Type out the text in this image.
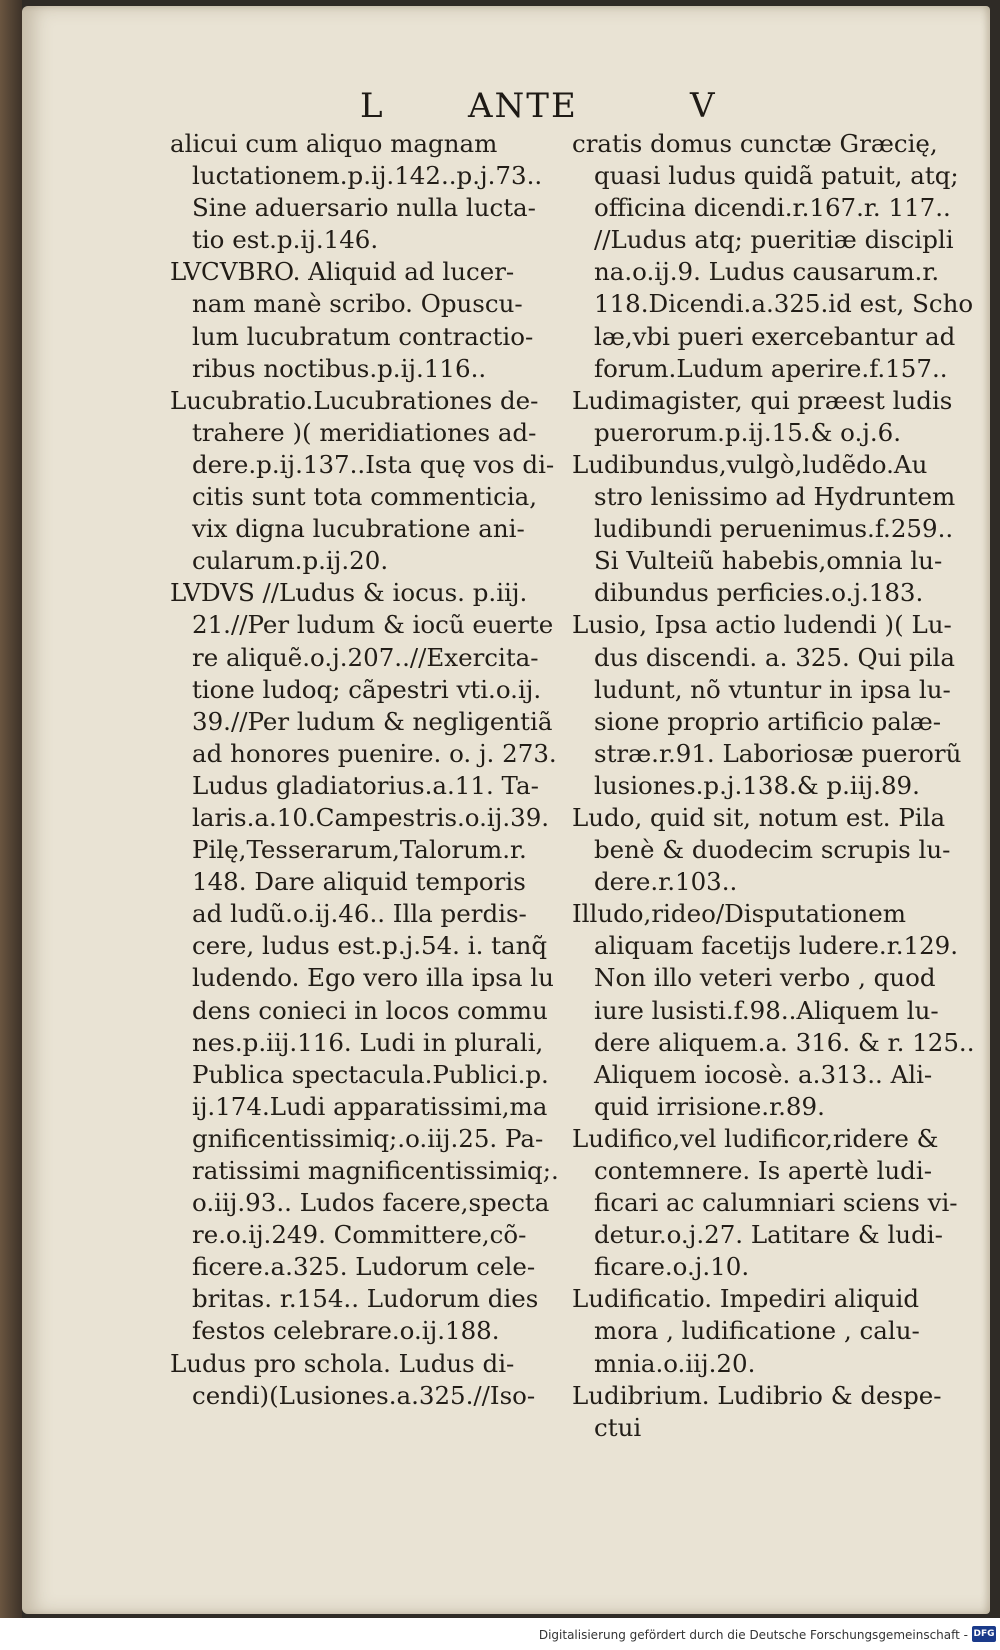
L ANTE	V
alicui cum aliquo magnam
luctationem.p.ij.142..p.j.73..
Sine aduersario nulla lucta-
tio est.p.ij.146.
LVCVBRO. Aliquid ad lucer-
nam manè scribo. Opuscu-
lum lucubratum contractio-
ribus noctibus.p.ij.116..
Lucubratio.Lucubrationes de-
trahere )( meridiationes ad-
dere.p.ij.137..Ista quę vos di-
citis sunt tota commenticia,
vix digna lucubratione ani-
cularum.p.ij.20.
LVDVS //Ludus & iocus. p.iij.
21.//Per ludum & iocũ euerte
re aliquẽ.o.j.207..//Exercita-
tione ludoq; cãpestri vti.o.ij.
39.//Per ludum & negligentiã
ad honores puenire. o. j. 273.
Ludus gladiatorius.a.11. Ta-
laris.a.10.Campestris.o.ij.39.
Pilę,Tesserarum,Talorum.r.
148. Dare aliquid temporis
ad ludũ.o.ij.46.. Illa perdis-
cere, ludus est.p.j.54. i. tanq̃
ludendo. Ego vero illa ipsa lu
dens conieci in locos commu
nes.p.iij.116. Ludi in plurali,
Publica spectacula.Publici.p.
ij.174.Ludi apparatissimi,ma
gnificentissimiq;.o.iij.25. Pa-
ratissimi magnificentissimiq;.
o.iij.93.. Ludos facere,specta
re.o.ij.249. Committere,cõ-
ficere.a.325. Ludorum cele-
britas. r.154.. Ludorum dies
festos celebrare.o.ij.188.
Ludus pro schola. Ludus di-
cendi)(Lusiones.a.325.//Iso-
cratis domus cunctæ Græcię,
quasi ludus quidã patuit, atq;
officina dicendi.r.167.r. 117..
//Ludus atq; pueritiæ discipli
na.o.ij.9. Ludus causarum.r.
118.Dicendi.a.325.id est, Scho
læ,vbi pueri exercebantur ad
forum.Ludum aperire.f.157..
Ludimagister, qui præest ludis
puerorum.p.ij.15.& o.j.6.
Ludibundus,vulgò,ludẽdo.Au
stro lenissimo ad Hydruntem
ludibundi peruenimus.f.259..
Si Vulteiũ habebis,omnia lu-
dibundus perficies.o.j.183.
Lusio, Ipsa actio ludendi )( Lu-
dus discendi. a. 325. Qui pila
ludunt, nõ vtuntur in ipsa lu-
sione proprio artificio palæ-
stræ.r.91. Laboriosæ puerorũ
lusiones.p.j.138.& p.iij.89.
Ludo, quid sit, notum est. Pila
benè & duodecim scrupis lu-
dere.r.103..
Illudo,rideo/Disputationem
aliquam facetijs ludere.r.129.
Non illo veteri verbo , quod
iure lusisti.f.98..Aliquem lu-
dere aliquem.a. 316. & r. 125..
Aliquem iocosè. a.313.. Ali-
quid irrisione.r.89.
Ludifico,vel ludificor,ridere &
contemnere. Is apertè ludi-
ficari ac calumniari sciens vi-
detur.o.j.27. Latitare & ludi-
ficare.o.j.10.
Ludificatio. Impediri aliquid
mora , ludificatione , calu-
mnia.o.iij.20.
Ludibrium. Ludibrio & despe-
ctui
Digitalisierung gefördert durch die Deutsche Forschungsgemeinschaft - DFG
